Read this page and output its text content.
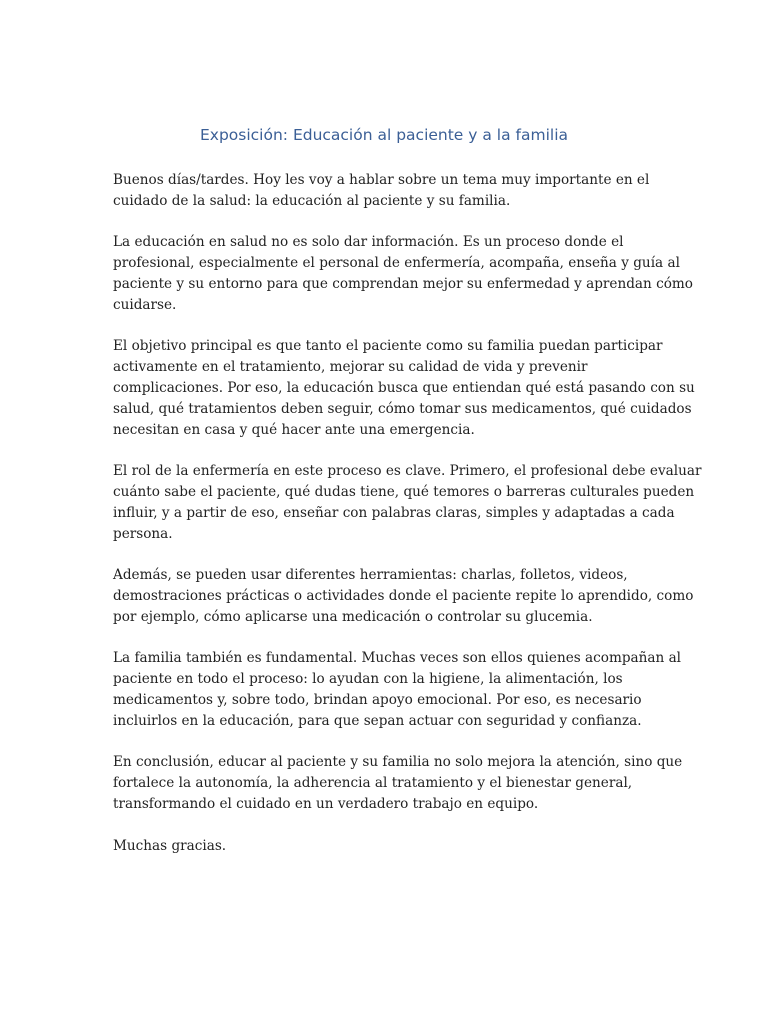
Exposición: Educación al paciente y a la familia

Buenos días/tardes. Hoy les voy a hablar sobre un tema muy importante en el
cuidado de la salud: la educación al paciente y su familia.

La educación en salud no es solo dar información. Es un proceso donde el
profesional, especialmente el personal de enfermería, acompaña, enseña y guía al
paciente y su entorno para que comprendan mejor su enfermedad y aprendan cómo
cuidarse.

El objetivo principal es que tanto el paciente como su familia puedan participar
activamente en el tratamiento, mejorar su calidad de vida y prevenir
complicaciones. Por eso, la educación busca que entiendan qué está pasando con su
salud, qué tratamientos deben seguir, cómo tomar sus medicamentos, qué cuidados
necesitan en casa y qué hacer ante una emergencia.

El rol de la enfermería en este proceso es clave. Primero, el profesional debe evaluar
cuánto sabe el paciente, qué dudas tiene, qué temores o barreras culturales pueden
influir, y a partir de eso, enseñar con palabras claras, simples y adaptadas a cada
persona.

Además, se pueden usar diferentes herramientas: charlas, folletos, videos,
demostraciones prácticas o actividades donde el paciente repite lo aprendido, como
por ejemplo, cómo aplicarse una medicación o controlar su glucemia.

La familia también es fundamental. Muchas veces son ellos quienes acompañan al
paciente en todo el proceso: lo ayudan con la higiene, la alimentación, los
medicamentos y, sobre todo, brindan apoyo emocional. Por eso, es necesario
incluirlos en la educación, para que sepan actuar con seguridad y confianza.

En conclusión, educar al paciente y su familia no solo mejora la atención, sino que
fortalece la autonomía, la adherencia al tratamiento y el bienestar general,
transformando el cuidado en un verdadero trabajo en equipo.

Muchas gracias.
